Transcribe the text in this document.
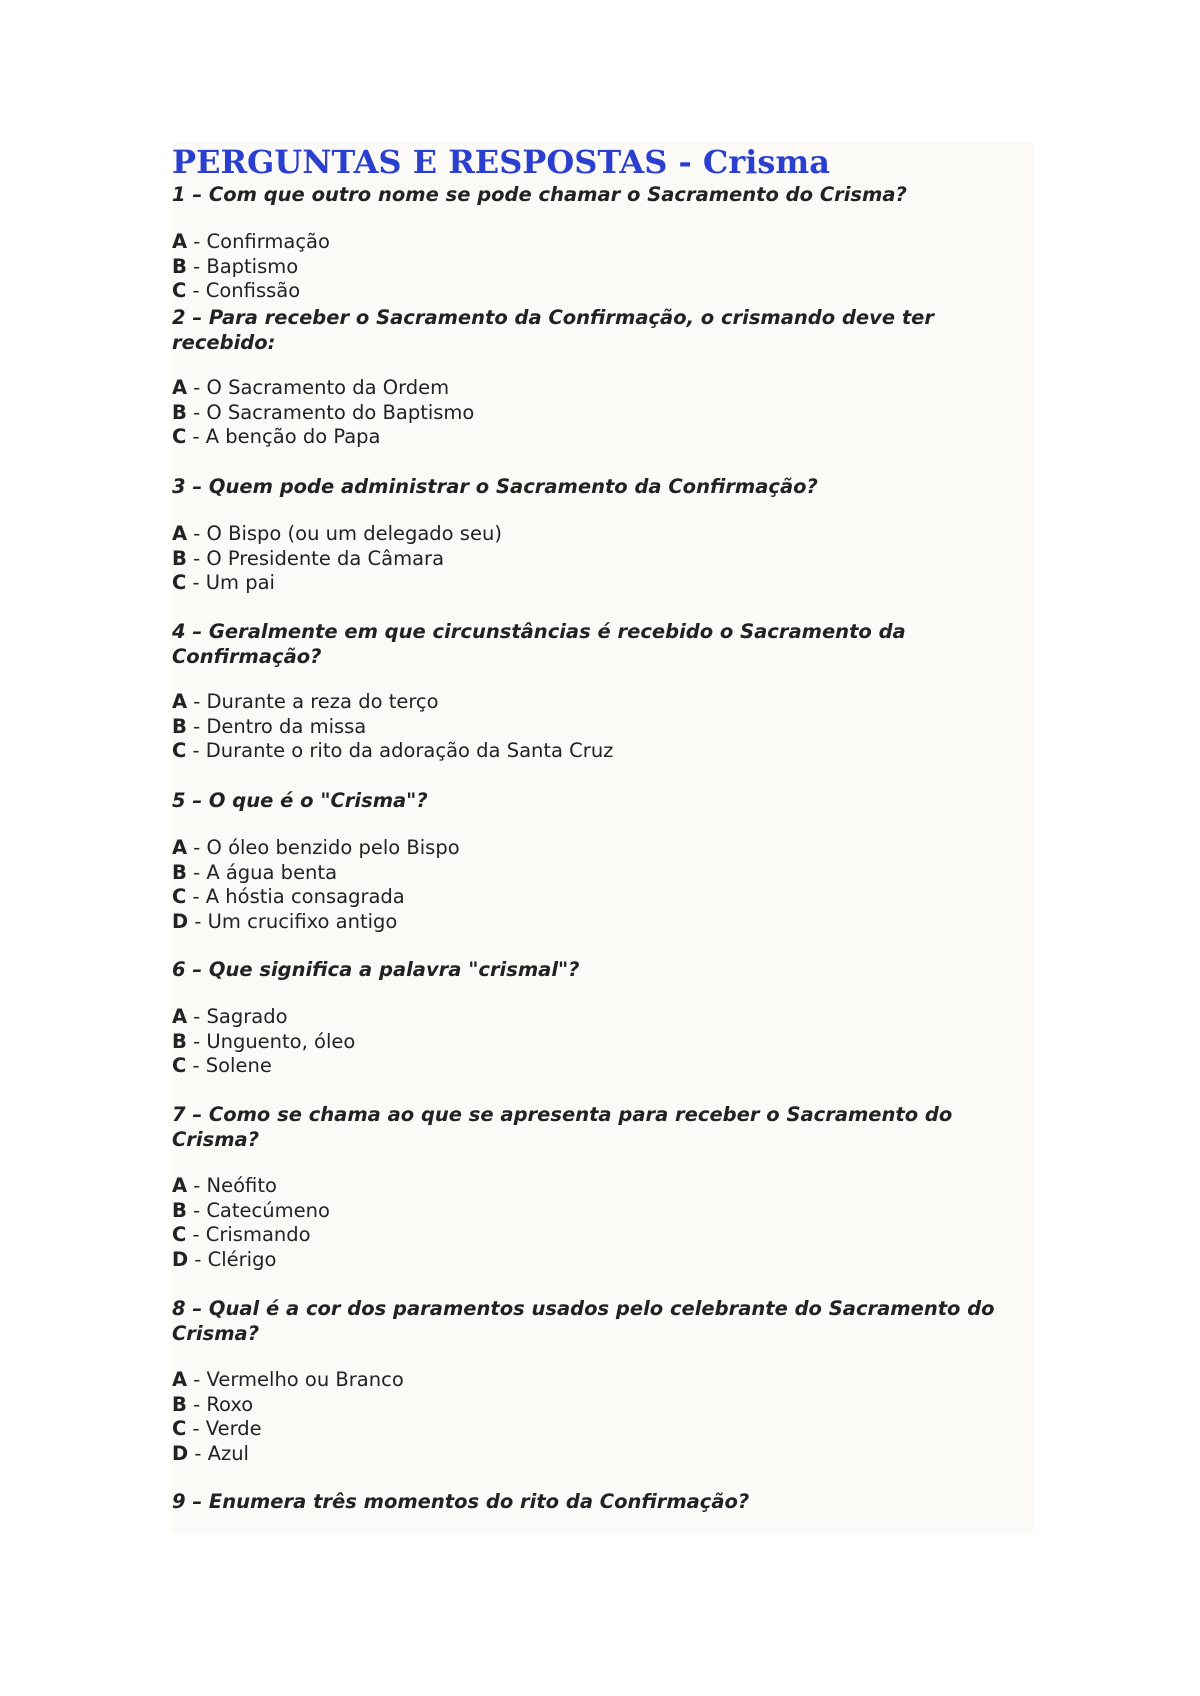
PERGUNTAS E RESPOSTAS - Crisma

1 – Com que outro nome se pode chamar o Sacramento do Crisma?

A - Confirmação
B - Baptismo
C - Confissão

2 – Para receber o Sacramento da Confirmação, o crismando deve ter recebido:

A - O Sacramento da Ordem
B - O Sacramento do Baptismo
C - A benção do Papa

3 – Quem pode administrar o Sacramento da Confirmação?

A - O Bispo (ou um delegado seu)
B - O Presidente da Câmara
C - Um pai

4 – Geralmente em que circunstâncias é recebido o Sacramento da Confirmação?

A - Durante a reza do terço
B - Dentro da missa
C - Durante o rito da adoração da Santa Cruz

5 – O que é o "Crisma"?

A - O óleo benzido pelo Bispo
B - A água benta
C - A hóstia consagrada
D - Um crucifixo antigo

6 – Que significa a palavra "crismal"?

A - Sagrado
B - Unguento, óleo
C - Solene

7 – Como se chama ao que se apresenta para receber o Sacramento do Crisma?

A - Neófito
B - Catecúmeno
C - Crismando
D - Clérigo

8 – Qual é a cor dos paramentos usados pelo celebrante do Sacramento do Crisma?

A - Vermelho ou Branco
B - Roxo
C - Verde
D - Azul

9 – Enumera três momentos do rito da Confirmação?
